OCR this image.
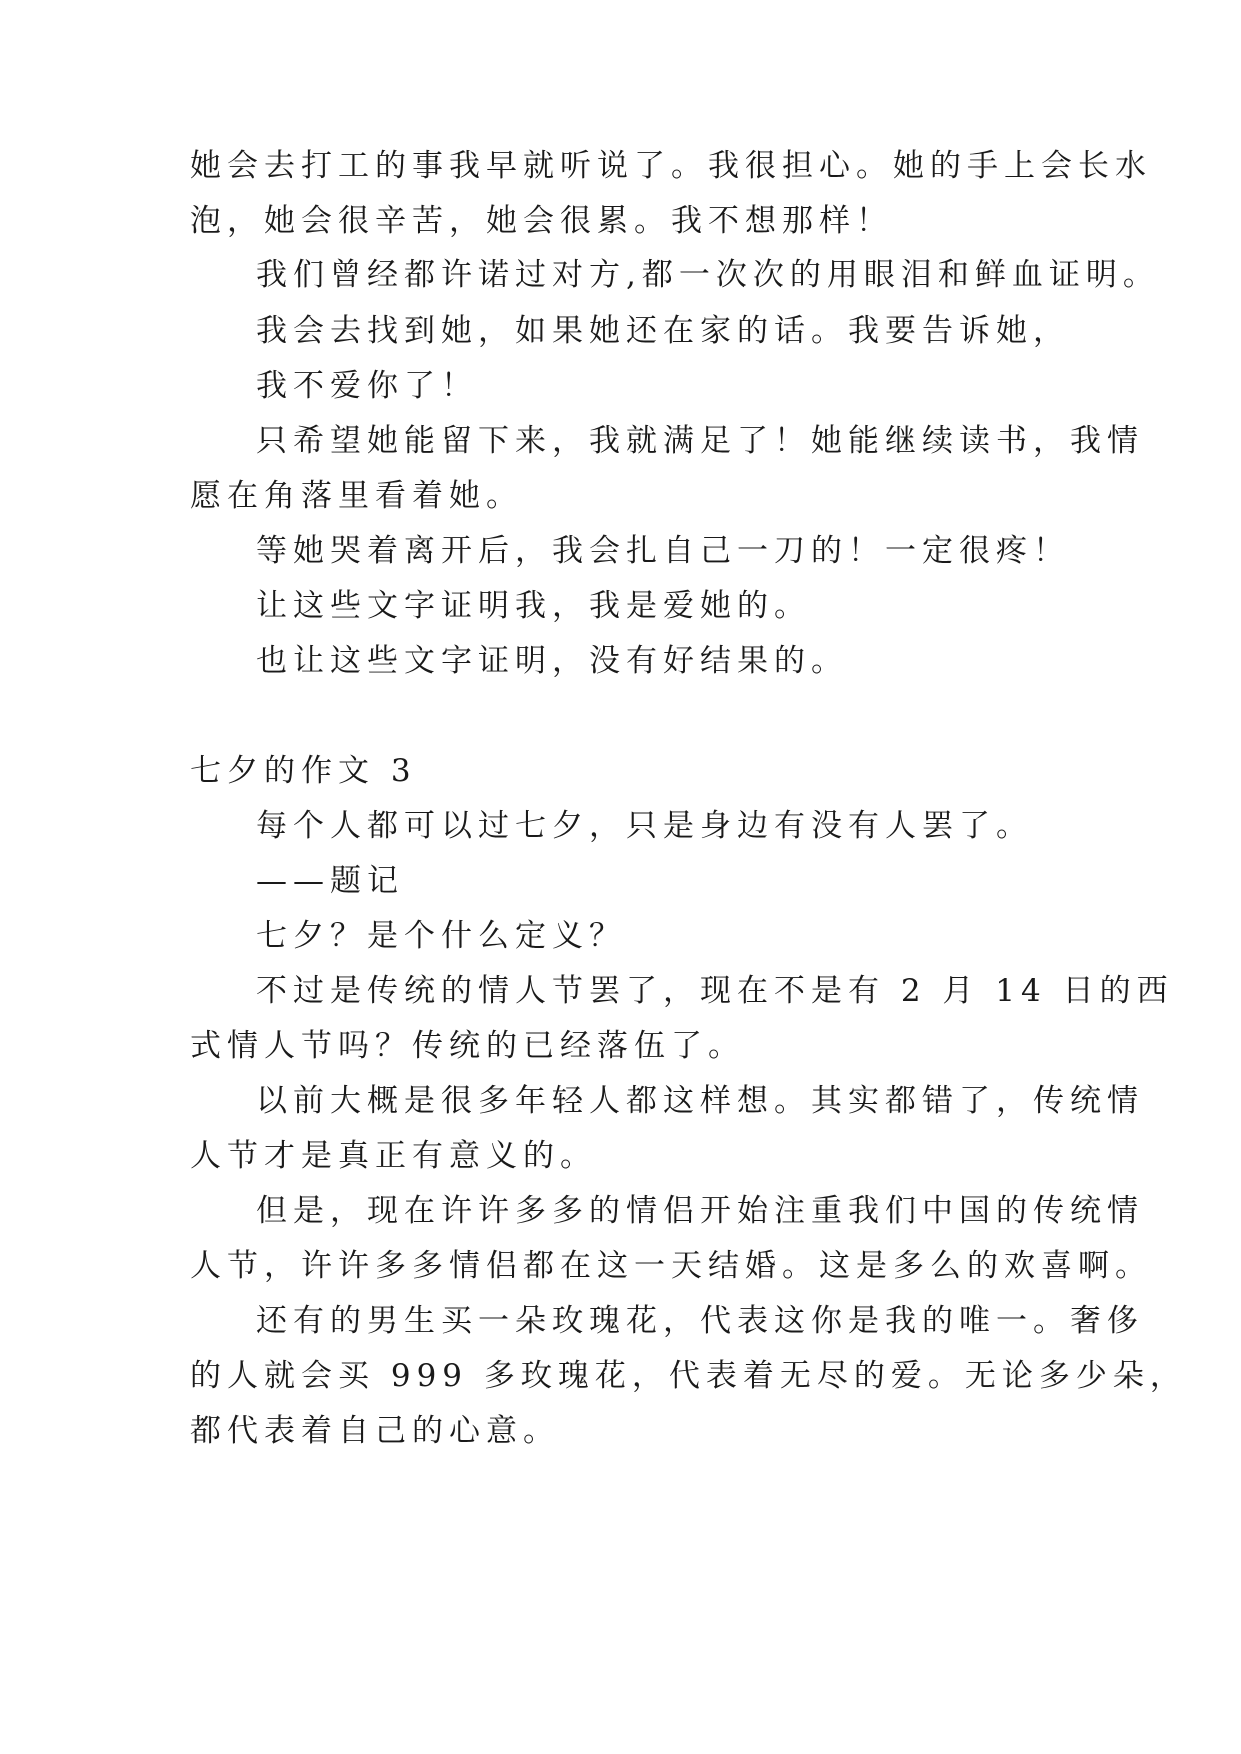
她会去打工的事我早就听说了。我很担心。她的手上会长水

泡，她会很辛苦，她会很累。我不想那样！

我们曾经都许诺过对方,都一次次的用眼泪和鲜血证明。

我会去找到她，如果她还在家的话。我要告诉她，

我不爱你了！

只希望她能留下来，我就满足了！她能继续读书，我情

愿在角落里看着她。

等她哭着离开后，我会扎自己一刀的！一定很疼！

让这些文字证明我，我是爱她的。

也让这些文字证明，没有好结果的。

七夕的作文 3

每个人都可以过七夕，只是身边有没有人罢了。

——题记

七夕？是个什么定义？

不过是传统的情人节罢了，现在不是有 2 月 14 日的西

式情人节吗？传统的已经落伍了。

以前大概是很多年轻人都这样想。其实都错了，传统情

人节才是真正有意义的。

但是，现在许许多多的情侣开始注重我们中国的传统情

人节，许许多多情侣都在这一天结婚。这是多么的欢喜啊。

还有的男生买一朵玫瑰花，代表这你是我的唯一。奢侈

的人就会买 999 多玫瑰花，代表着无尽的爱。无论多少朵，

都代表着自己的心意。
